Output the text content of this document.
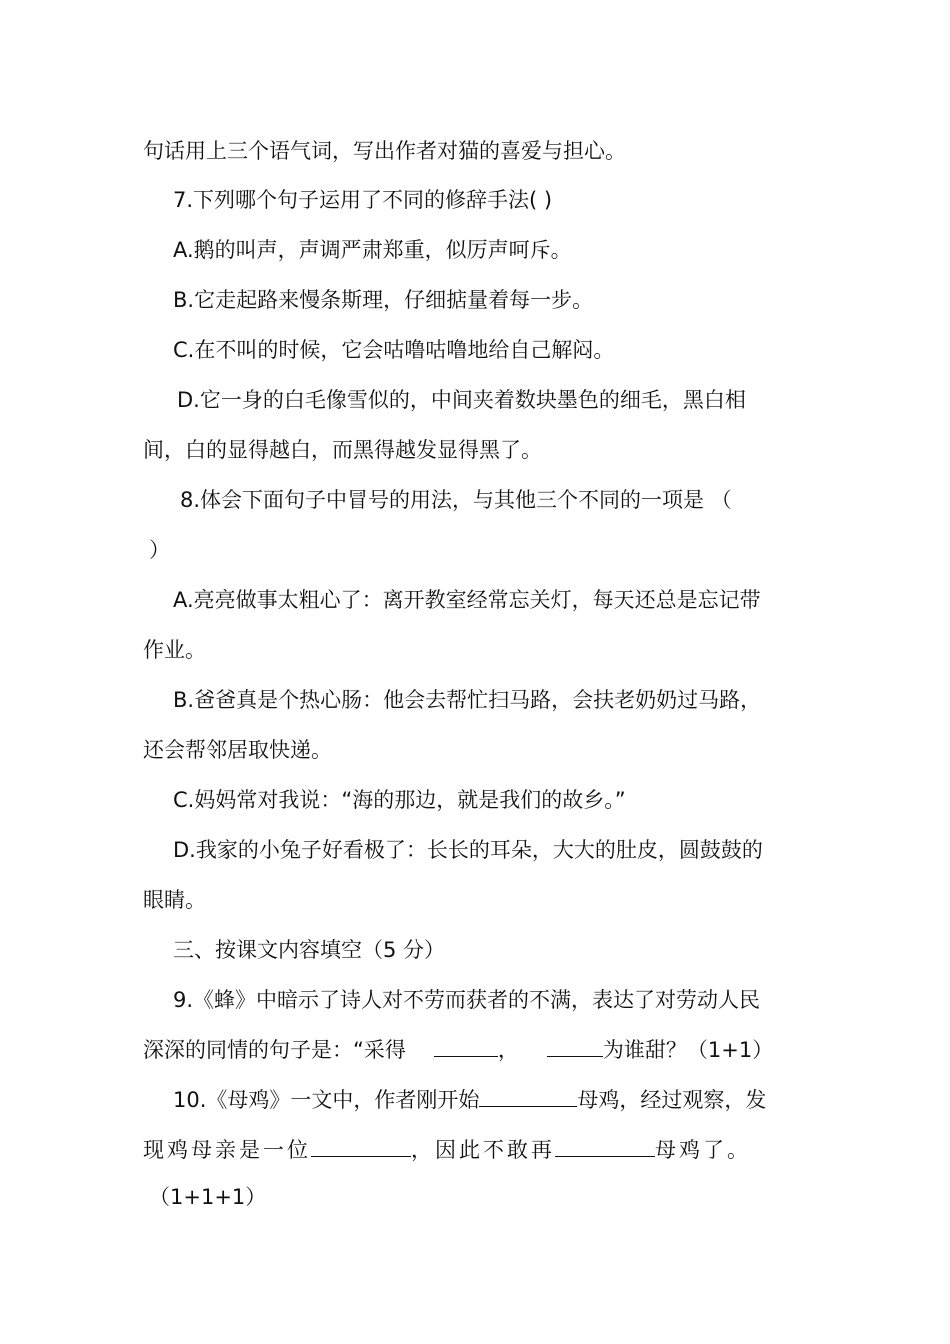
句话用上三个语气词，写出作者对猫的喜爱与担心。
7.下列哪个句子运用了不同的修辞手法( )
A.鹅的叫声，声调严肃郑重，似厉声呵斥。
B.它走起路来慢条斯理，仔细掂量着每一步。
C.在不叫的时候，它会咕噜咕噜地给自己解闷。
D.它一身的白毛像雪似的，中间夹着数块墨色的细毛，黑白相
间，白的显得越白，而黑得越发显得黑了。
8.体会下面句子中冒号的用法，与其他三个不同的一项是 （
）
A.亮亮做事太粗心了：离开教室经常忘关灯，每天还总是忘记带
作业。
B.爸爸真是个热心肠：他会去帮忙扫马路，会扶老奶奶过马路，
还会帮邻居取快递。
C.妈妈常对我说：“海的那边，就是我们的故乡。”
D.我家的小兔子好看极了：长长的耳朵，大大的肚皮，圆鼓鼓的
眼睛。
三、按课文内容填空（5 分）
9.《蜂》中暗示了诗人对不劳而获者的不满，表达了对劳动人民
深深的同情的句子是：“采得	，	为谁甜？（1+1）
10.《母鸡》一文中，作者刚开始	母鸡，经过观察，发
现鸡母亲是一位	，因此不敢再	母鸡了。
（1+1+1）
